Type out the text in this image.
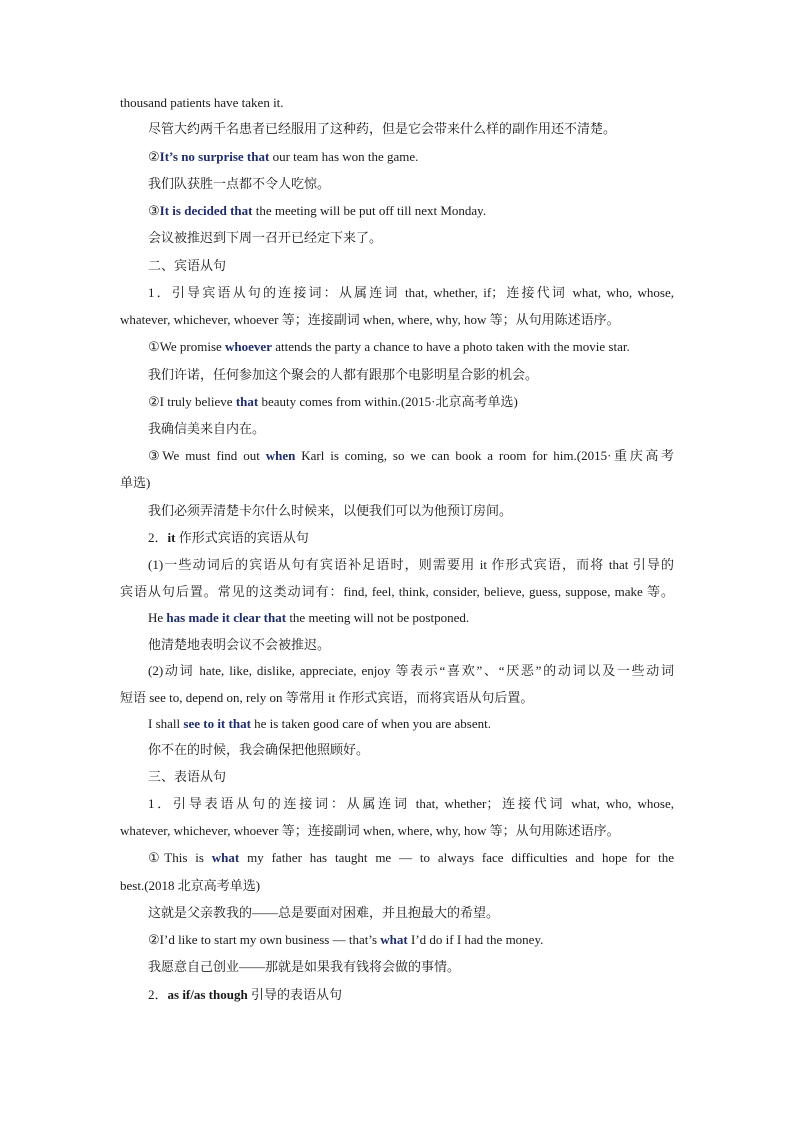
thousand patients have taken it.
尽管大约两千名患者已经服用了这种药，但是它会带来什么样的副作用还不清楚。
②It’s no surprise that our team has won the game.
我们队获胜一点都不令人吃惊。
③It is decided that the meeting will be put off till next Monday.
会议被推迟到下周一召开已经定下来了。
二、宾语从句
1．引导宾语从句的连接词：从属连词 that, whether, if；连接代词 what, who, whose,
whatever, whichever, whoever 等；连接副词 when, where, why, how 等；从句用陈述语序。
①We promise whoever attends the party a chance to have a photo taken with the movie star.
我们许诺，任何参加这个聚会的人都有跟那个电影明星合影的机会。
②I truly believe that beauty comes from within.(2015·北京高考单选)
我确信美来自内在。
③We must find out when Karl is coming, so we can book a room for him.(2015·重庆高考
单选)
我们必须弄清楚卡尔什么时候来，以便我们可以为他预订房间。
2．it 作形式宾语的宾语从句
(1)一些动词后的宾语从句有宾语补足语时，则需要用 it 作形式宾语，而将 that 引导的
宾语从句后置。常见的这类动词有：find, feel, think, consider, believe, guess, suppose, make 等。
He has made it clear that the meeting will not be postponed.
他清楚地表明会议不会被推迟。
(2)动词 hate, like, dislike, appreciate, enjoy 等表示“喜欢”、“厌恶”的动词以及一些动词
短语 see to, depend on, rely on 等常用 it 作形式宾语，而将宾语从句后置。
I shall see to it that he is taken good care of when you are absent.
你不在的时候，我会确保把他照顾好。
三、表语从句
1．引导表语从句的连接词：从属连词 that, whether；连接代词 what, who, whose,
whatever, whichever, whoever 等；连接副词 when, where, why, how 等；从句用陈述语序。
①This is what my father has taught me — to always face difficulties and hope for the
best.(2018 北京高考单选)
这就是父亲教我的——总是要面对困难，并且抱最大的希望。
②I’d like to start my own business — that’s what I’d do if I had the money.
我愿意自己创业——那就是如果我有钱将会做的事情。
2．as if/as though 引导的表语从句
